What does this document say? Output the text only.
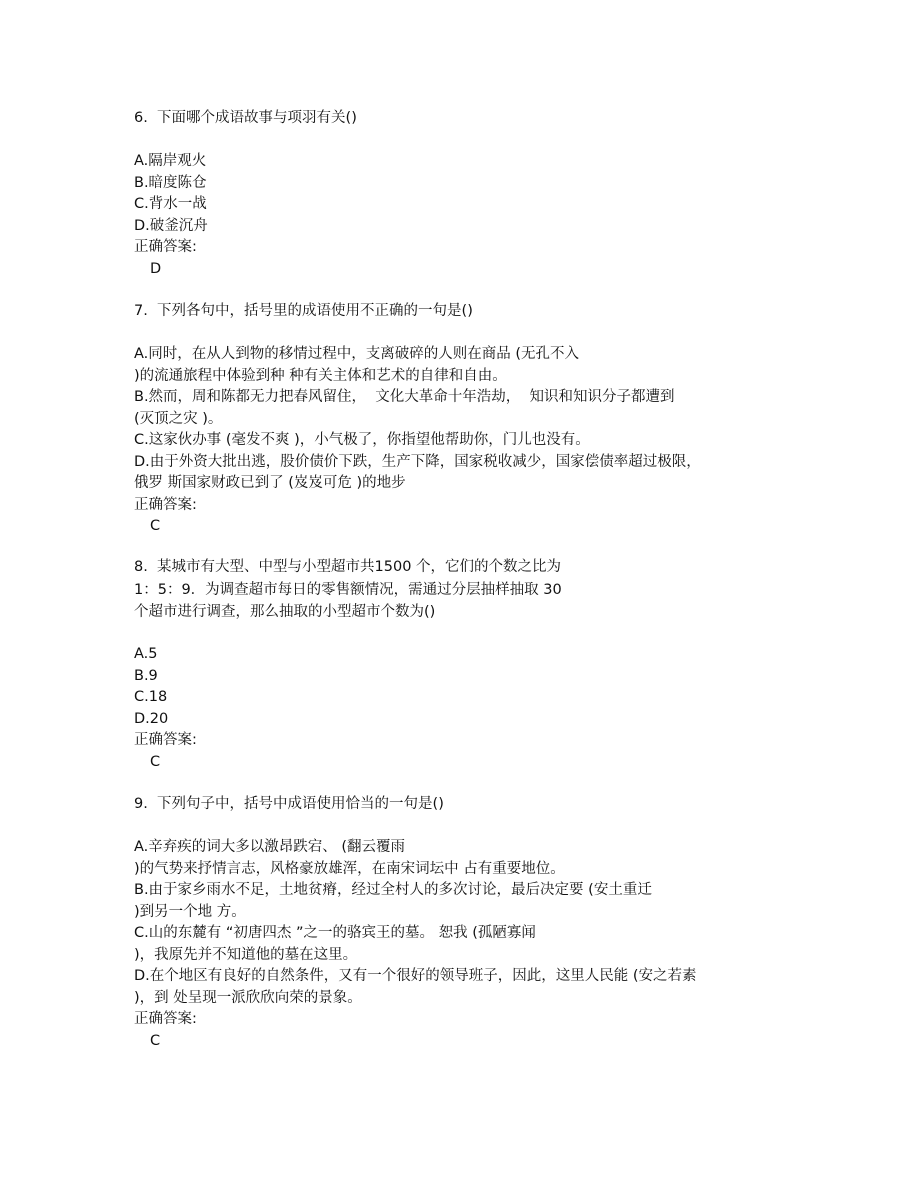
6.  下面哪个成语故事与项羽有关()
A.隔岸观火
B.暗度陈仓
C.背水一战
D.破釜沉舟
正确答案:
D
7.  下列各句中，括号里的成语使用不正确的一句是()
A.同时，在从人到物的移情过程中，支离破碎的人则在商品 (无孔不入
)的流通旅程中体验到种 种有关主体和艺术的自律和自由。
B.然而，周和陈都无力把春风留住，  文化大革命十年浩劫，  知识和知识分子都遭到
(灭顶之灾 )。
C.这家伙办事 (毫发不爽 )，小气极了，你指望他帮助你，门儿也没有。
D.由于外资大批出逃，股价债价下跌，生产下降，国家税收减少，国家偿债率超过极限，
俄罗 斯国家财政已到了 (岌岌可危 )的地步
正确答案:
C
8.  某城市有大型、中型与小型超市共1500 个，它们的个数之比为
1：5：9．为调查超市每日的零售额情况，需通过分层抽样抽取 30
个超市进行调查，那么抽取的小型超市个数为()
A.5
B.9
C.18
D.20
正确答案:
C
9.  下列句子中，括号中成语使用恰当的一句是()
A.辛弃疾的词大多以激昂跌宕、 (翻云覆雨
)的气势来抒情言志，风格豪放雄浑，在南宋词坛中 占有重要地位。
B.由于家乡雨水不足，土地贫瘠，经过全村人的多次讨论，最后决定要 (安土重迁
)到另一个地 方。
C.山的东麓有 “初唐四杰 ”之一的骆宾王的墓。 恕我 (孤陋寡闻
)，我原先并不知道他的墓在这里。
D.在个地区有良好的自然条件，又有一个很好的领导班子，因此，这里人民能 (安之若素
)，到 处呈现一派欣欣向荣的景象。
正确答案:
C
